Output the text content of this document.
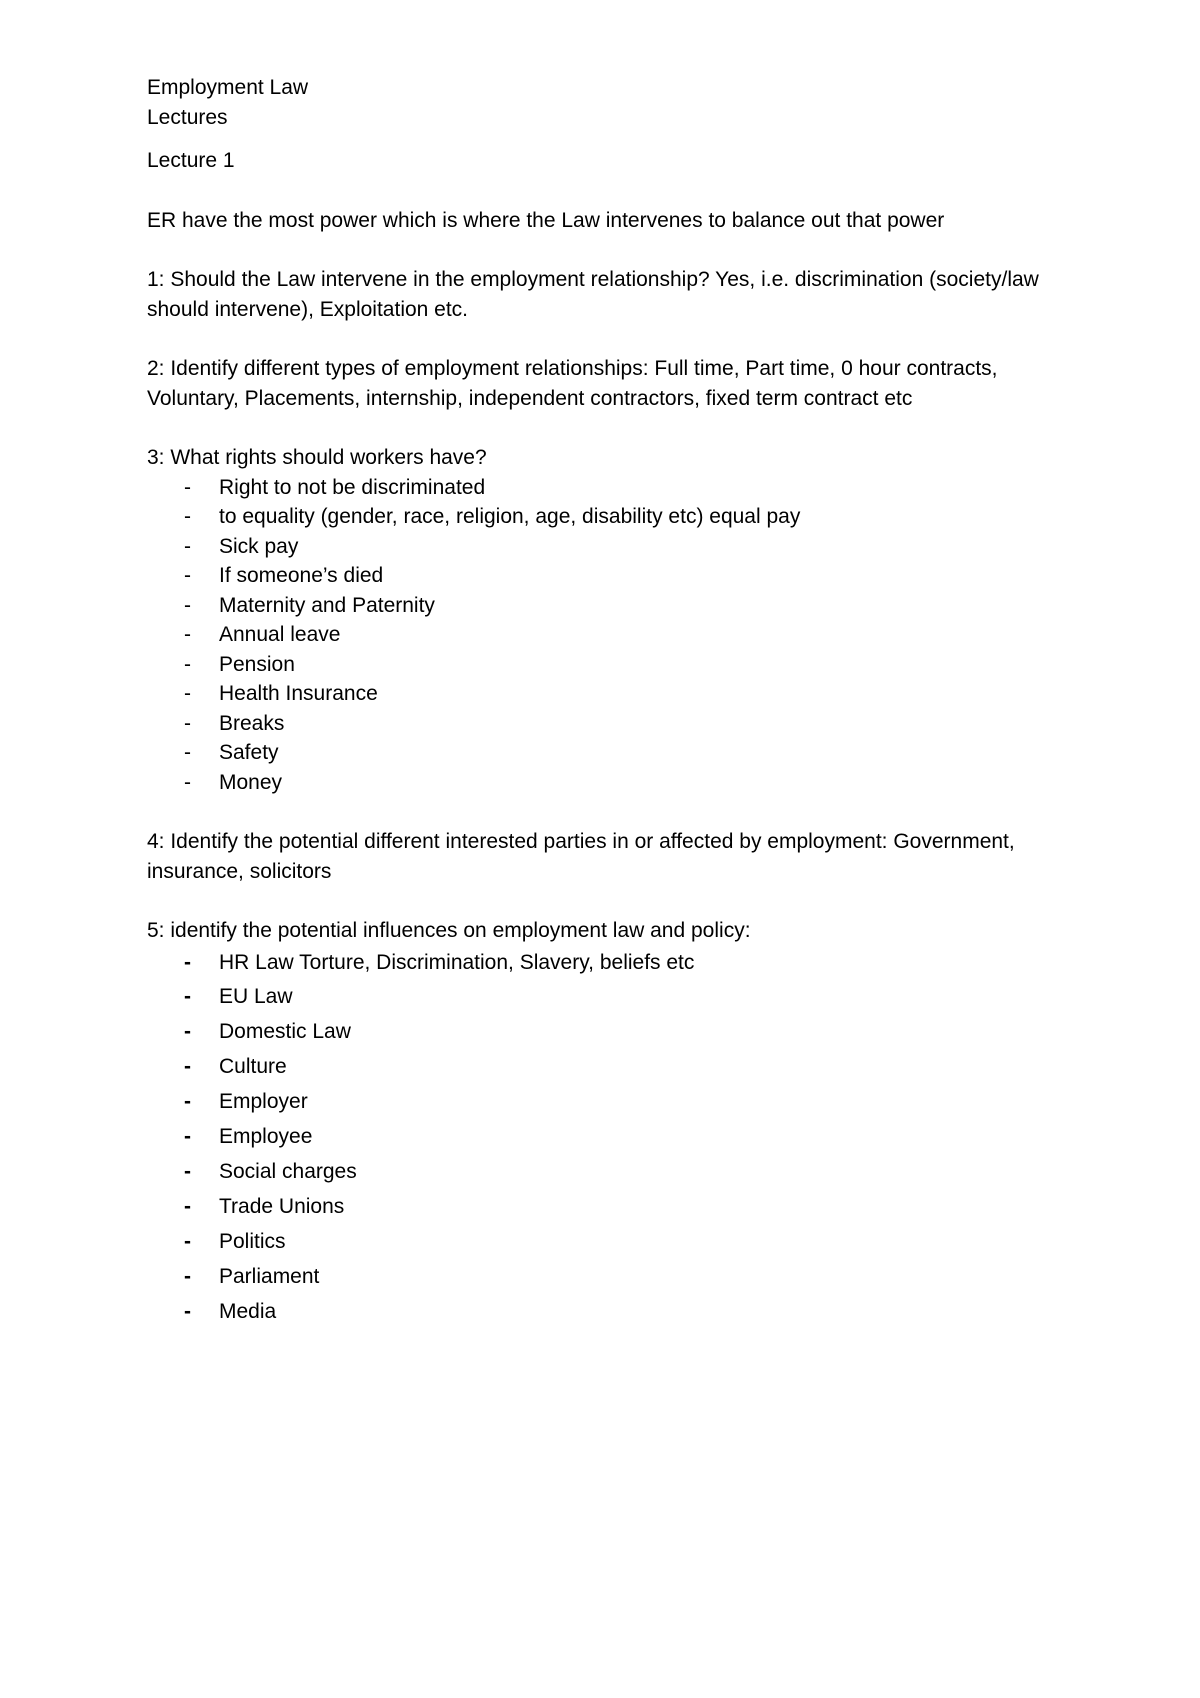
Employment Law

Lectures

Lecture 1

ER have the most power which is where the Law intervenes to balance out that power

1: Should the Law intervene in the employment relationship? Yes, i.e. discrimination (society/law should intervene), Exploitation etc.

2: Identify different types of employment relationships: Full time, Part time, 0 hour contracts, Voluntary, Placements, internship, independent contractors, fixed term contract etc

3: What rights should workers have?

- Right to not be discriminated
- to equality (gender, race, religion, age, disability etc) equal pay
- Sick pay
- If someone’s died
- Maternity and Paternity
- Annual leave
- Pension
- Health Insurance
- Breaks
- Safety
- Money

4: Identify the potential different interested parties in or affected by employment: Government, insurance, solicitors

5: identify the potential influences on employment law and policy:

- HR Law Torture, Discrimination, Slavery, beliefs etc
- EU Law
- Domestic Law
- Culture
- Employer
- Employee
- Social charges
- Trade Unions
- Politics
- Parliament
- Media
